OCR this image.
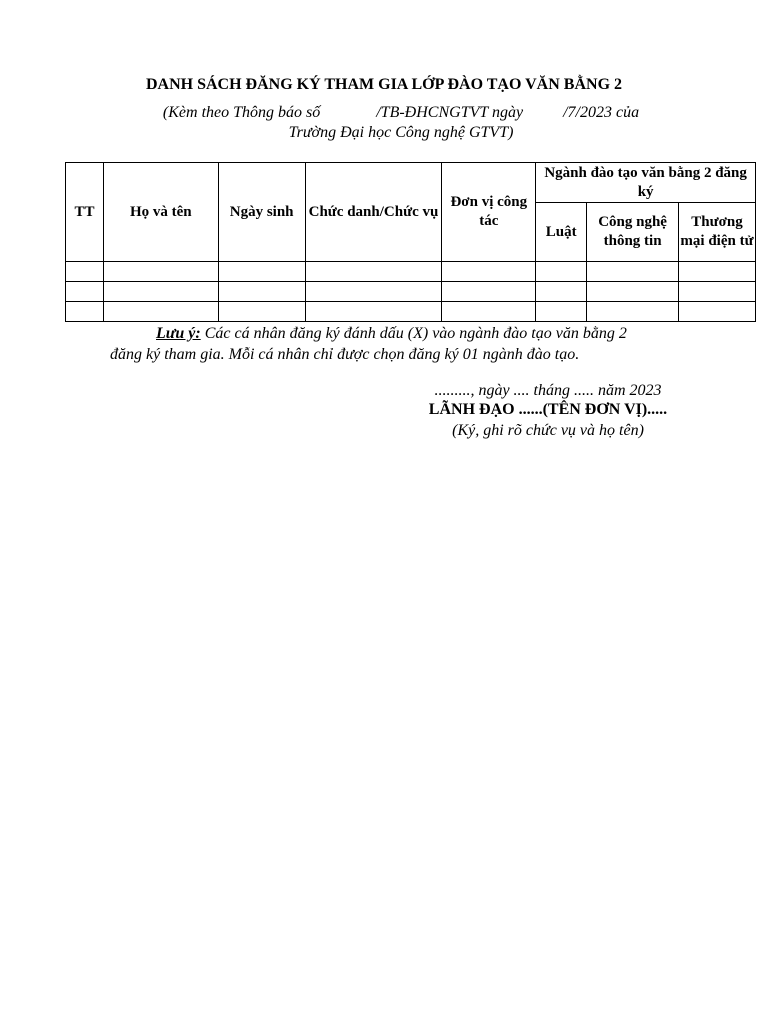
DANH SÁCH ĐĂNG KÝ THAM GIA LỚP ĐÀO TẠO VĂN BẰNG 2
(Kèm theo Thông báo số	/TB-ĐHCNGTVT ngày	/7/2023 của
Trường Đại học Công nghệ GTVT)
TT	Họ và tên	Ngày sinh	Chức danh/Chức vụ	Đơn vị công tác	Ngành đào tạo văn bằng 2 đăng ký		
					Luật	Công nghệ thông tin	Thương mại điện tử

Lưu ý: Các cá nhân đăng ký đánh dấu (X) vào ngành đào tạo văn bằng 2
đăng ký tham gia. Mỗi cá nhân chỉ được chọn đăng ký 01 ngành đào tạo.
........., ngày .... tháng ..... năm 2023
LÃNH ĐẠO ......(TÊN ĐƠN VỊ).....
(Ký, ghi rõ chức vụ và họ tên)
